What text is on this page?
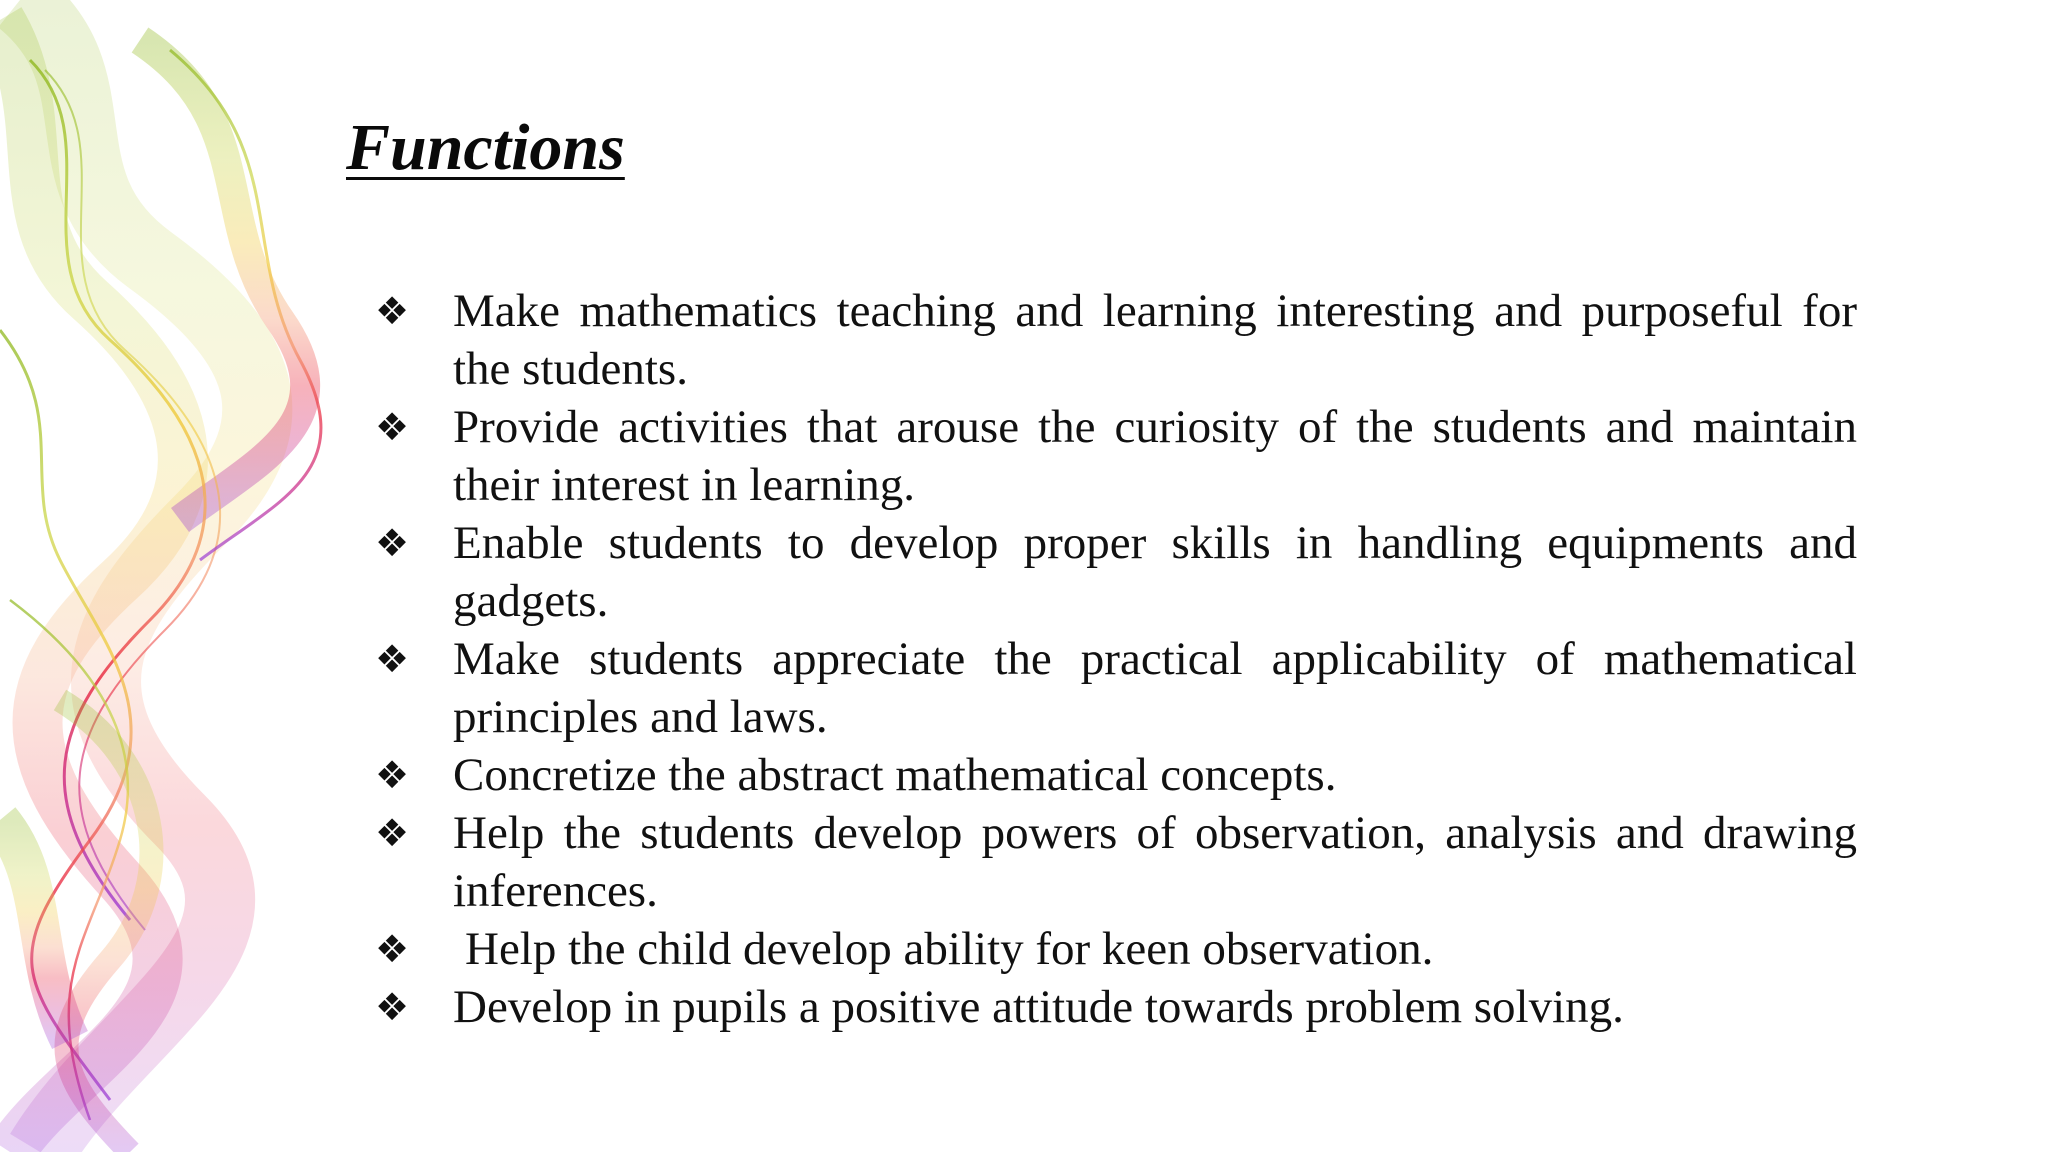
Functions
❖ Make mathematics teaching and learning interesting and purposeful for the students.
❖ Provide activities that arouse the curiosity of the students and maintain their interest in learning.
❖ Enable students to develop proper skills in handling equipments and gadgets.
❖ Make students appreciate the practical applicability of mathematical principles and laws.
❖ Concretize the abstract mathematical concepts.
❖ Help the students develop powers of observation, analysis and drawing inferences.
❖	Help the child develop ability for keen observation.
❖ Develop in pupils a positive attitude towards problem solving.
